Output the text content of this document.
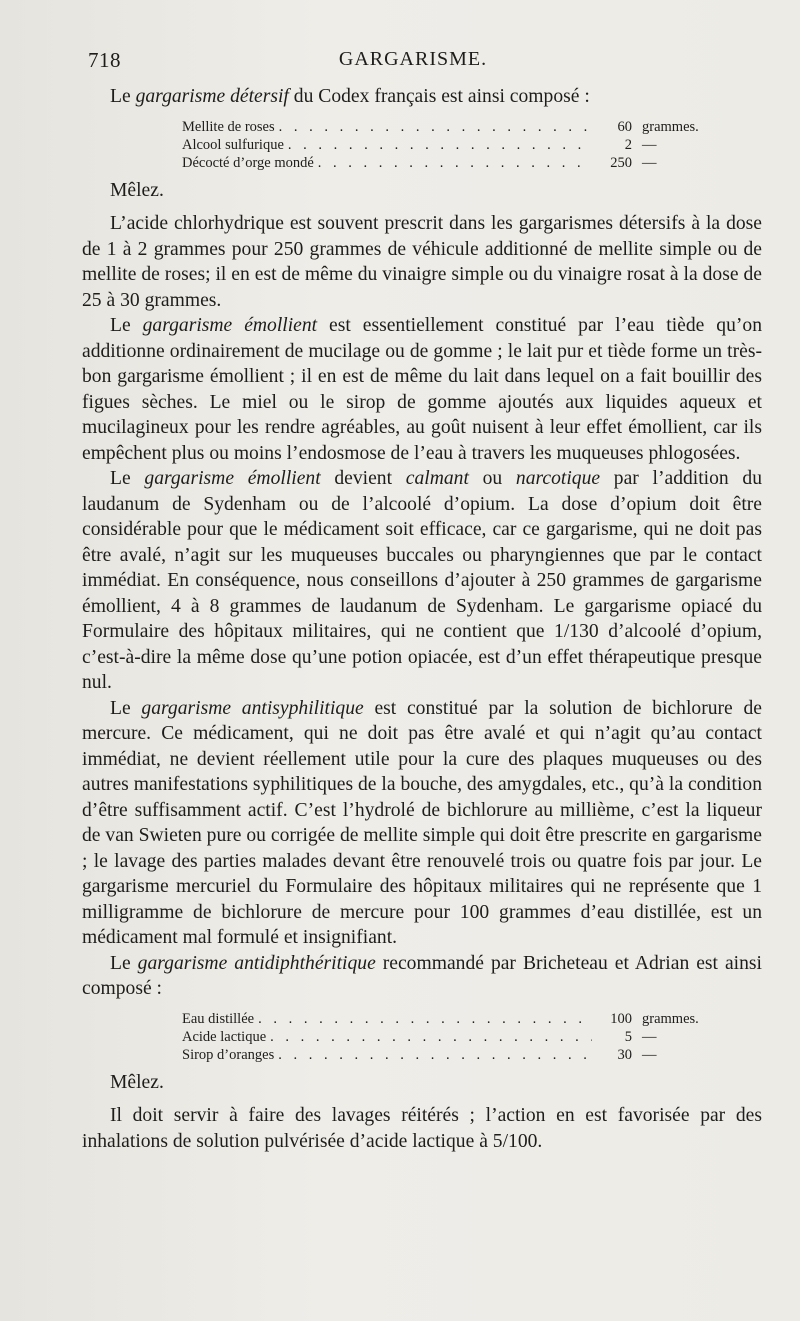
718	GARGARISME.

Le gargarisme détersif du Codex français est ainsi composé :

Mellite de roses . . .	60 grammes.
Alcool sulfurique . . .	2 —
Décocté d’orge mondé . . .	250 —
Mêlez.

L’acide chlorhydrique est souvent prescrit dans les gargarismes détersifs à la dose de 1 à 2 grammes pour 250 grammes de véhicule additionné de mellite simple ou de mellite de roses; il en est de même du vinaigre simple ou du vinaigre rosat à la dose de 25 à 30 grammes.

Le gargarisme émollient est essentiellement constitué par l’eau tiède qu’on additionne ordinairement de mucilage ou de gomme ; le lait pur et tiède forme un très-bon gargarisme émollient ; il en est de même du lait dans lequel on a fait bouillir des figues sèches. Le miel ou le sirop de gomme ajoutés aux liquides aqueux et mucilagineux pour les rendre agréables, au goût nuisent à leur effet émollient, car ils empêchent plus ou moins l’endosmose de l’eau à travers les muqueuses phlogosées.

Le gargarisme émollient devient calmant ou narcotique par l’addition du laudanum de Sydenham ou de l’alcoolé d’opium. La dose d’opium doit être considérable pour que le médicament soit efficace, car ce gargarisme, qui ne doit pas être avalé, n’agit sur les muqueuses buccales ou pharyngiennes que par le contact immédiat. En conséquence, nous conseillons d’ajouter à 250 grammes de gargarisme émollient, 4 à 8 grammes de laudanum de Sydenham. Le gargarisme opiacé du Formulaire des hôpitaux militaires, qui ne contient que 1/130 d’alcoolé d’opium, c’est-à-dire la même dose qu’une potion opiacée, est d’un effet thérapeutique presque nul.

Le gargarisme antisyphilitique est constitué par la solution de bichlorure de mercure. Ce médicament, qui ne doit pas être avalé et qui n’agit qu’au contact immédiat, ne devient réellement utile pour la cure des plaques muqueuses ou des autres manifestations syphilitiques de la bouche, des amygdales, etc., qu’à la condition d’être suffisamment actif. C’est l’hydrolé de bichlorure au millième, c’est la liqueur de van Swieten pure ou corrigée de mellite simple qui doit être prescrite en gargarisme ; le lavage des parties malades devant être renouvelé trois ou quatre fois par jour. Le gargarisme mercuriel du Formulaire des hôpitaux militaires qui ne représente que 1 milligramme de bichlorure de mercure pour 100 grammes d’eau distillée, est un médicament mal formulé et insignifiant.

Le gargarisme antidiphthéritique recommandé par Bricheteau et Adrian est ainsi composé :

Eau distillée . . .	100 grammes.
Acide lactique . . .	5 —
Sirop d’oranges . . .	30 —
Mêlez.

Il doit servir à faire des lavages réitérés ; l’action en est favorisée par des inhalations de solution pulvérisée d’acide lactique à 5/100.
